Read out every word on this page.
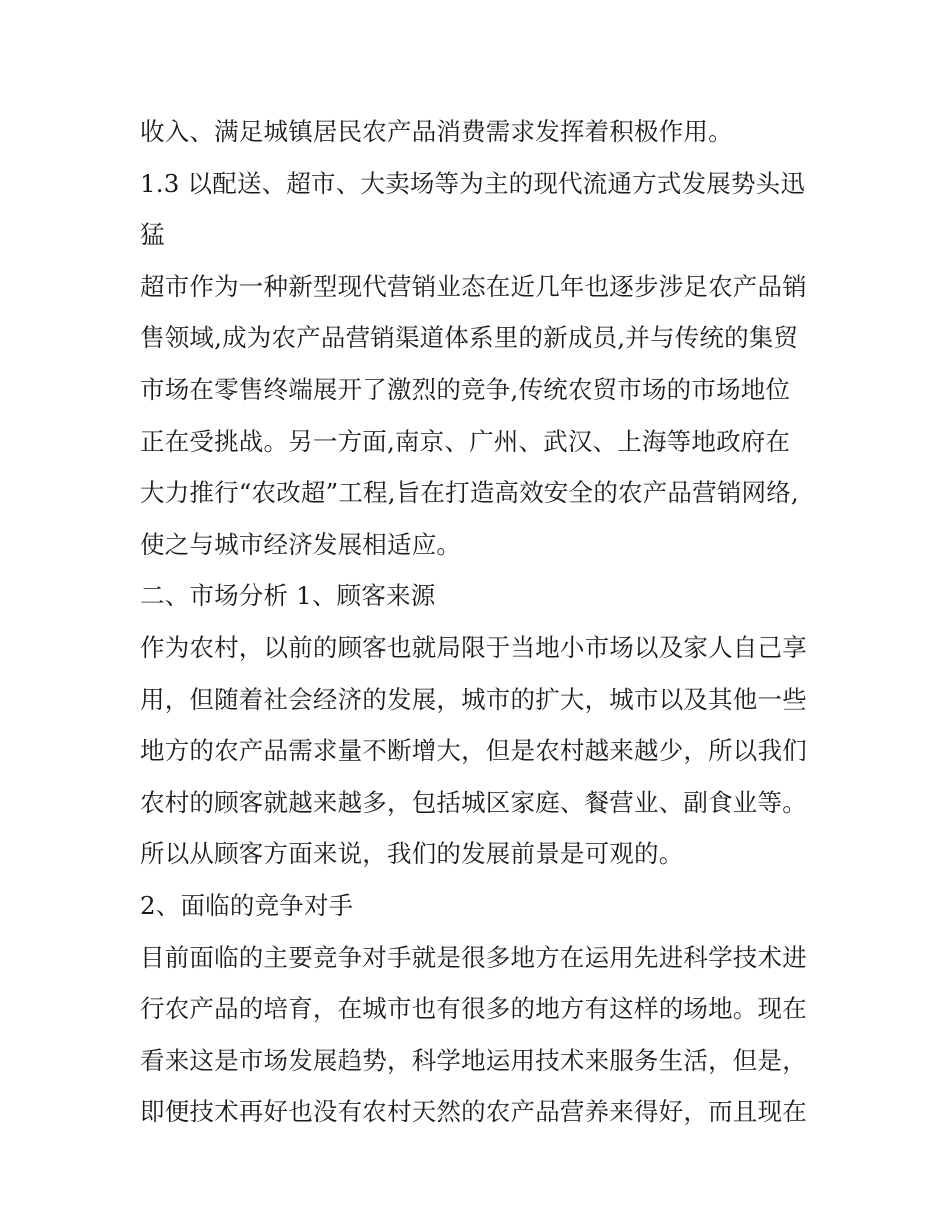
收入、满足城镇居民农产品消费需求发挥着积极作用。
1.3 以配送、超市、大卖场等为主的现代流通方式发展势头迅
猛
超市作为一种新型现代营销业态在近几年也逐步涉足农产品销
售领域,成为农产品营销渠道体系里的新成员,并与传统的集贸
市场在零售终端展开了激烈的竞争,传统农贸市场的市场地位
正在受挑战。另一方面,南京、广州、武汉、上海等地政府在
大力推行“农改超”工程,旨在打造高效安全的农产品营销网络,
使之与城市经济发展相适应。
二、市场分析 1、顾客来源
作为农村，以前的顾客也就局限于当地小市场以及家人自己享
用，但随着社会经济的发展，城市的扩大，城市以及其他一些
地方的农产品需求量不断增大，但是农村越来越少，所以我们
农村的顾客就越来越多，包括城区家庭、餐营业、副食业等。
所以从顾客方面来说，我们的发展前景是可观的。
2、面临的竞争对手
目前面临的主要竞争对手就是很多地方在运用先进科学技术进
行农产品的培育，在城市也有很多的地方有这样的场地。现在
看来这是市场发展趋势，科学地运用技术来服务生活，但是，
即便技术再好也没有农村天然的农产品营养来得好，而且现在
